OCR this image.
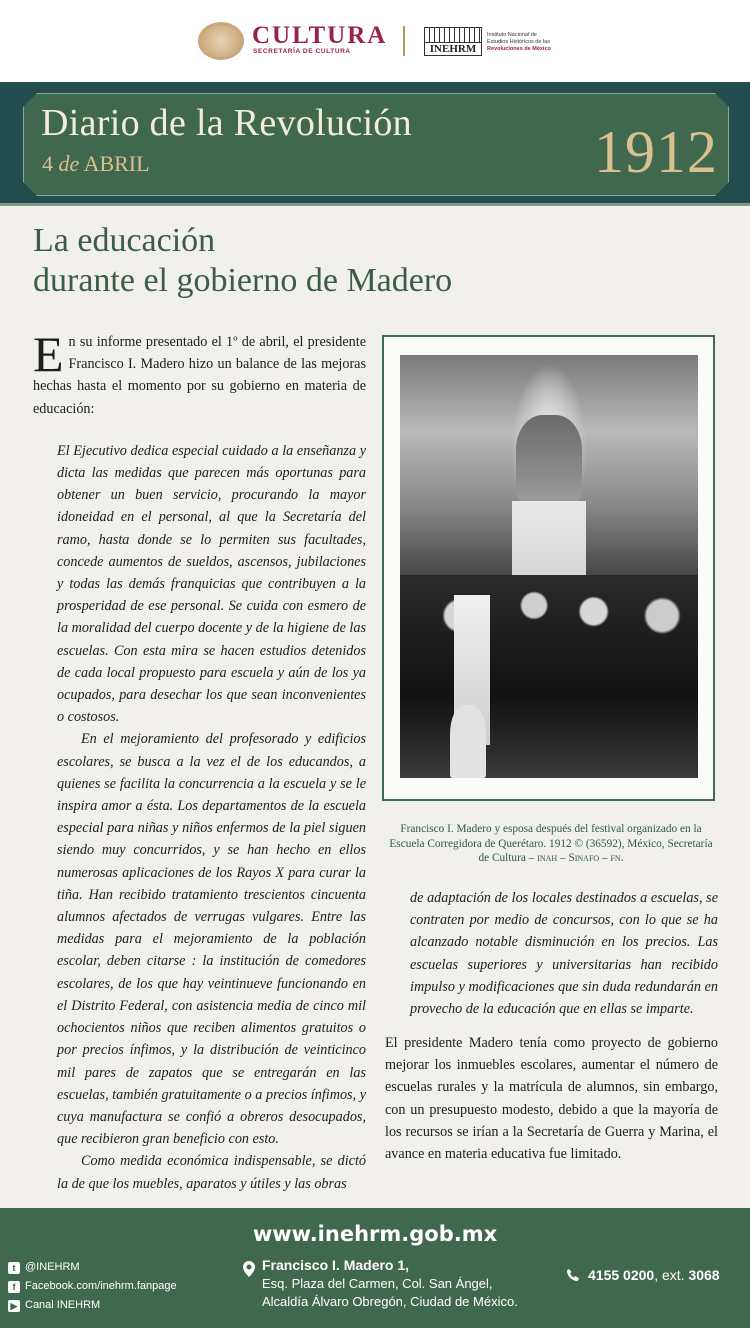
CULTURA
SECRETARÍA DE CULTURA	INEHRM
Instituto Nacional de
Estudios Históricos de las
Revoluciones de México
Diario de la Revolución
4 de ABRIL	1912
La educación
durante el gobierno de Madero

En su informe presentado el 1º de abril, el presidente Francisco I. Madero hizo un balance de las mejoras hechas hasta el momento por su gobierno en materia de educación:

El Ejecutivo dedica especial cuidado a la enseñanza y dicta las medidas que parecen más oportunas para obtener un buen servicio, procurando la mayor idoneidad en el personal, al que la Secretaría del ramo, hasta donde se lo permiten sus facultades, concede aumentos de sueldos, ascensos, jubilaciones y todas las demás franquicias que contribuyen a la prosperidad de ese personal. Se cuida con esmero de la moralidad del cuerpo docente y de la higiene de las escuelas. Con esta mira se hacen estudios detenidos de cada local propuesto para escuela y aún de los ya ocupados, para desechar los que sean inconvenientes o costosos.

En el mejoramiento del profesorado y edificios escolares, se busca a la vez el de los educandos, a quienes se facilita la concurrencia a la escuela y se le inspira amor a ésta. Los departamentos de la escuela especial para niñas y niños enfermos de la piel siguen siendo muy concurridos, y se han hecho en ellos numerosas aplicaciones de los Rayos X para curar la tiña. Han recibido tratamiento trescientos cincuenta alumnos afectados de verrugas vulgares. Entre las medidas para el mejoramiento de la población escolar, deben citarse : la institución de comedores escolares, de los que hay veintinueve funcionando en el Distrito Federal, con asistencia media de cinco mil ochocientos niños que reciben alimentos gratuitos o por precios ínfimos, y la distribución de veinticinco mil pares de zapatos que se entregarán en las escuelas, también gratuitamente o a precios ínfimos, y cuya manufactura se confió a obreros desocupados, que recibieron gran beneficio con esto.

Como medida económica indispensable, se dictó la de que los muebles, aparatos y útiles y las obras

Francisco I. Madero y esposa después del festival organizado en la Escuela Corregidora de Querétaro. 1912 © (36592), México, Secretaría de Cultura – inah – Sinafo – fn.

de adaptación de los locales destinados a escuelas, se contraten por medio de concursos, con lo que se ha alcanzado notable disminución en los precios. Las escuelas superiores y universitarias han recibido impulso y modificaciones que sin duda redundarán en provecho de la educación que en ellas se imparte.

El presidente Madero tenía como proyecto de gobierno mejorar los inmuebles escolares, aumentar el número de escuelas rurales y la matrícula de alumnos, sin embargo, con un presupuesto modesto, debido a que la mayoría de los recursos se irían a la Secretaría de Guerra y Marina, el avance en materia educativa fue limitado.

www.inehrm.gob.mx
t @INEHRM
f Facebook.com/inehrm.fanpage
▶ Canal INEHRM
Francisco I. Madero 1,
Esq. Plaza del Carmen, Col. San Ángel,
Alcaldía Álvaro Obregón, Ciudad de México.
4155 0200, ext. 3068
